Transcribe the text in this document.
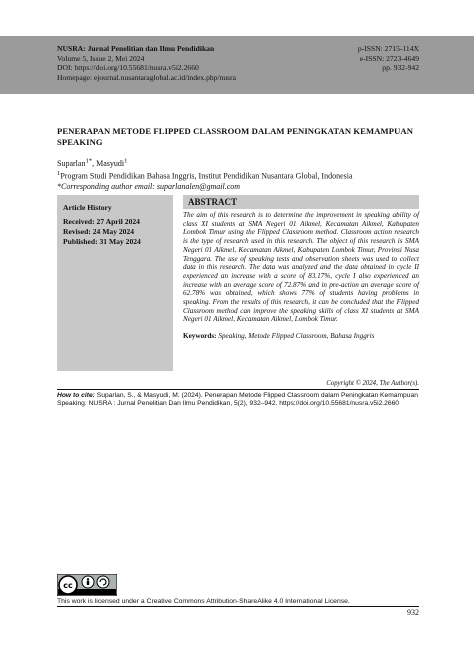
NUSRA: Jurnal Penelitian dan Ilmu Pendidikan
Volume 5, Issue 2, Mei 2024
DOI: https://doi.org/10.55681/nusra.v5i2.2660
Homepage: ejournal.nusantaraglobal.ac.id/index.php/nusra
p-ISSN: 2715-114X
e-ISSN: 2723-4649
pp. 932-942
PENERAPAN METODE FLIPPED CLASSROOM DALAM PENINGKATAN KEMAMPUAN SPEAKING
Suparlan$^{1*}$, Masyudi$^1$
$^1$Program Studi Pendidikan Bahasa Inggris, Institut Pendidikan Nusantara Global, Indonesia
*Corresponding author email: suparlanalen@gmail.com
Article History
Received: 27 April 2024
Revised: 24 May 2024
Published: 31 May 2024
ABSTRACT
The aim of this research is to determine the improvement in speaking ability of class XI students at SMA Negeri 01 Aikmel, Kecamatan Aikmel, Kabupaten Lombok Timur using the Flipped Classroom method. Classroom action research is the type of research used in this research. The object of this research is SMA Negeri 01 Aikmel, Kecamatan Aikmel, Kabupaten Lombok Timur, Provinsi Nusa Tenggara. The use of speaking tests and observation sheets was used to collect data in this research. The data was analyzed and the data obtained in cycle II experienced an increase with a score of 83.17%, cycle I also experienced an increase with an average score of 72.87% and in pre-action an average score of 62.78% was obtained, which shows 77% of students having problems in speaking. From the results of this research, it can be concluded that the Flipped Classroom method can improve the speaking skills of class XI students at SMA Negeri 01 Aikmel, Kecamatan Aikmel, Lombok Timur.
Keywords: Speaking, Metode Flipped Classroom, Bahasa Inggris
Copyright © 2024, The Author(s).
How to cite: Suparlan, S., & Masyudi, M. (2024). Penerapan Metode Flipped Classroom dalam Peningkatan Kemampuan Speaking. NUSRA : Jurnal Penelitian Dan Ilmu Pendidikan, 5(2), 932–942. https://doi.org/10.55681/nusra.v5i2.2660
cc
This work is licensed under a Creative Commons Attribution-ShareAlike 4.0 International License.
932
